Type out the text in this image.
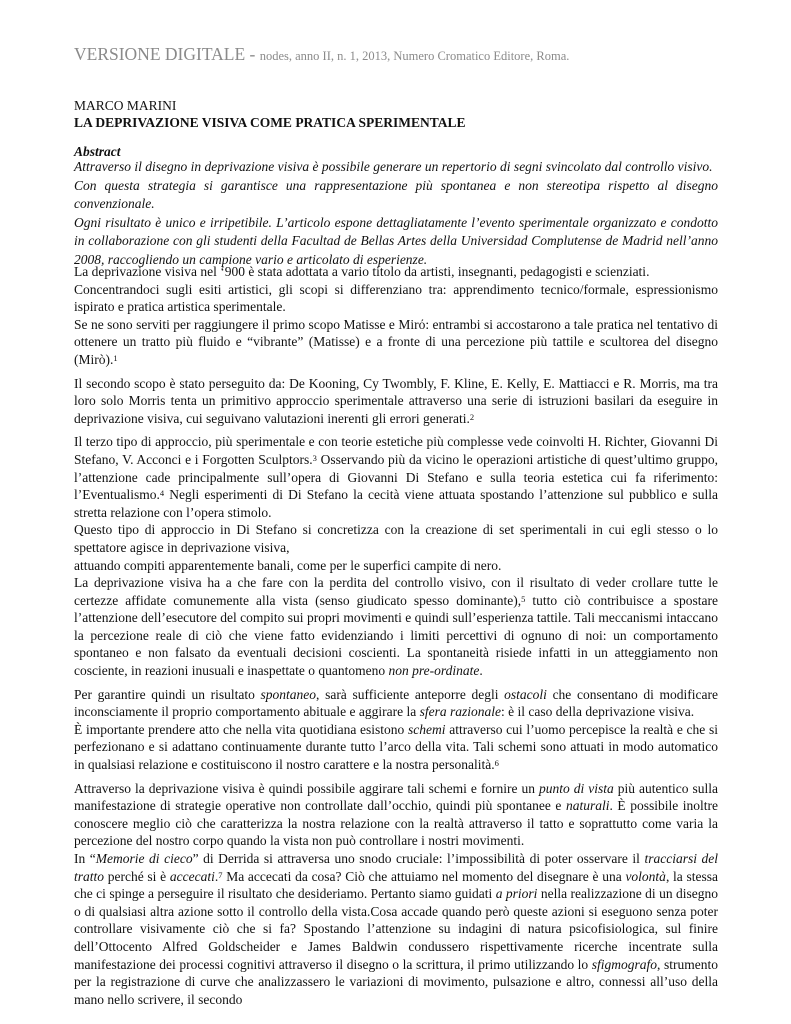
VERSIONE DIGITALE - nodes, anno II, n. 1, 2013, Numero Cromatico Editore, Roma.
MARCO MARINI
LA DEPRIVAZIONE VISIVA COME PRATICA SPERIMENTALE
Abstract

Attraverso il disegno in deprivazione visiva è possibile generare un repertorio di segni svincolato dal controllo visivo.

Con questa strategia si garantisce una rappresentazione più spontanea e non stereotipa rispetto al disegno convenzionale.

Ogni risultato è unico e irripetibile. L’articolo espone dettagliatamente l’evento sperimentale organizzato e condotto in collaborazione con gli studenti della Facultad de Bellas Artes della Universidad Complutense de Madrid nell’anno 2008, raccogliendo un campione vario e articolato di esperienze.

La deprivazione visiva nel ‘900 è stata adottata a vario titolo da artisti, insegnanti, pedagogisti e scienziati.

Concentrandoci sugli esiti artistici, gli scopi si differenziano tra: apprendimento tecnico/formale, espressionismo ispirato e pratica artistica sperimentale.

Se ne sono serviti per raggiungere il primo scopo Matisse e Mirό: entrambi si accostarono a tale pratica nel tentativo di ottenere un tratto più fluido e “vibrante” (Matisse) e a fronte di una percezione più tattile e scultorea del disegno (Mirò).$^1$

Il secondo scopo è stato perseguito da: De Kooning, Cy Twombly, F. Kline, E. Kelly, E. Mattiacci e R. Morris, ma tra loro solo Morris tenta un primitivo approccio sperimentale attraverso una serie di istruzioni basilari da eseguire in deprivazione visiva, cui seguivano valutazioni inerenti gli errori generati.$^2$

Il terzo tipo di approccio, più sperimentale e con teorie estetiche più complesse vede coinvolti H. Richter, Giovanni Di Stefano, V. Acconci e i Forgotten Sculptors.$^3$ Osservando più da vicino le operazioni artistiche di quest’ultimo gruppo, l’attenzione cade principalmente sull’opera di Giovanni Di Stefano e sulla teoria estetica cui fa riferimento: l’Eventualismo.$^4$ Negli esperimenti di Di Stefano la cecità viene attuata spostando l’attenzione sul pubblico e sulla stretta relazione con l’opera stimolo.

Questo tipo di approccio in Di Stefano si concretizza con la creazione di set sperimentali in cui egli stesso o lo spettatore agisce in deprivazione visiva,

attuando compiti apparentemente banali, come per le superfici campite di nero.

La deprivazione visiva ha a che fare con la perdita del controllo visivo, con il risultato di veder crollare tutte le certezze affidate comunemente alla vista (senso giudicato spesso dominante),$^5$ tutto ciò contribuisce a spostare l’attenzione dell’esecutore del compito sui propri movimenti e quindi sull’esperienza tattile. Tali meccanismi intaccano la percezione reale di ciò che viene fatto evidenziando i limiti percettivi di ognuno di noi: un comportamento spontaneo e non falsato da eventuali decisioni coscienti. La spontaneità risiede infatti in un atteggiamento non cosciente, in reazioni inusuali e inaspettate o quantomeno non pre-ordinate.

Per garantire quindi un risultato spontaneo, sarà sufficiente anteporre degli ostacoli che consentano di modificare inconsciamente il proprio comportamento abituale e aggirare la sfera razionale: è il caso della deprivazione visiva.

È importante prendere atto che nella vita quotidiana esistono schemi attraverso cui l’uomo percepisce la realtà e che si perfezionano e si adattano continuamente durante tutto l’arco della vita. Tali schemi sono attuati in modo automatico in qualsiasi relazione e costituiscono il nostro carattere e la nostra personalità.$^6$

Attraverso la deprivazione visiva è quindi possibile aggirare tali schemi e fornire un punto di vista più autentico sulla manifestazione di strategie operative non controllate dall’occhio, quindi più spontanee e naturali. È possibile inoltre conoscere meglio ciò che caratterizza la nostra relazione con la realtà attraverso il tatto e soprattutto come varia la percezione del nostro corpo quando la vista non può controllare i nostri movimenti.

In “Memorie di cieco” di Derrida si attraversa uno snodo cruciale: l’impossibilità di poter osservare il tracciarsi del tratto perché si è accecati.$^7$ Ma accecati da cosa? Ciò che attuiamo nel momento del disegnare è una volontà, la stessa che ci spinge a perseguire il risultato che desideriamo. Pertanto siamo guidati a priori nella realizzazione di un disegno o di qualsiasi altra azione sotto il controllo della vista.Cosa accade quando però queste azioni si eseguono senza poter controllare visivamente ciò che si fa? Spostando l’attenzione su indagini di natura psicofisiologica, sul finire dell’Ottocento Alfred Goldscheider e James Baldwin condussero rispettivamente ricerche incentrate sulla manifestazione dei processi cognitivi attraverso il disegno o la scrittura, il primo utilizzando lo sfigmografo, strumento per la registrazione di curve che analizzassero le variazioni di movimento, pulsazione e altro, connessi all’uso della mano nello scrivere, il secondo
